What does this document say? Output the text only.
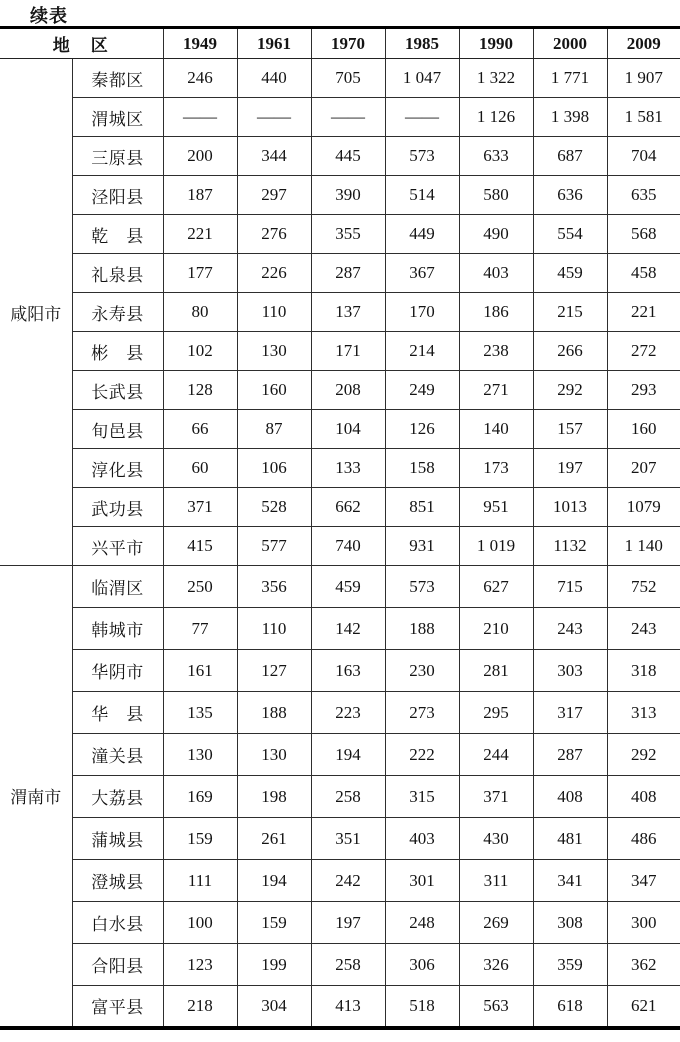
续表
地　区		1949	1961	1970	1985	1990	2000	2009
咸阳市	秦都区	246	440	705	1 047	1 322	1 771	1 907
	渭城区	——	——	——	——	1 126	1 398	1 581
	三原县	200	344	445	573	633	687	704
	泾阳县	187	297	390	514	580	636	635
	乾　县	221	276	355	449	490	554	568
	礼泉县	177	226	287	367	403	459	458
	永寿县	80	110	137	170	186	215	221
	彬　县	102	130	171	214	238	266	272
	长武县	128	160	208	249	271	292	293
	旬邑县	66	87	104	126	140	157	160
	淳化县	60	106	133	158	173	197	207
	武功县	371	528	662	851	951	1013	1079
	兴平市	415	577	740	931	1 019	1132	1 140
渭南市	临渭区	250	356	459	573	627	715	752
	韩城市	77	110	142	188	210	243	243
	华阴市	161	127	163	230	281	303	318
	华　县	135	188	223	273	295	317	313
	潼关县	130	130	194	222	244	287	292
	大荔县	169	198	258	315	371	408	408
	蒲城县	159	261	351	403	430	481	486
	澄城县	111	194	242	301	311	341	347
	白水县	100	159	197	248	269	308	300
	合阳县	123	199	258	306	326	359	362
	富平县	218	304	413	518	563	618	621
